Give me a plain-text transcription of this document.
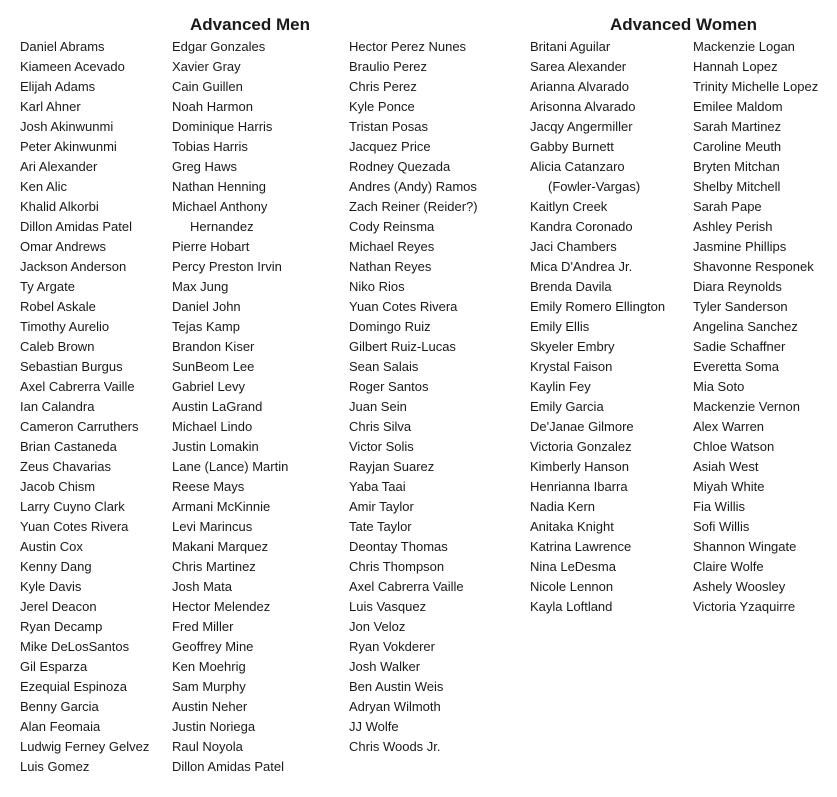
Advanced Men	Advanced Women
Daniel Abrams
Kiameen Acevado
Elijah Adams
Karl Ahner
Josh Akinwunmi
Peter Akinwunmi
Ari Alexander
Ken Alic
Khalid Alkorbi
Dillon Amidas Patel
Omar Andrews
Jackson Anderson
Ty Argate
Robel Askale
Timothy Aurelio
Caleb Brown
Sebastian Burgus
Axel Cabrerra Vaille
Ian Calandra
Cameron Carruthers
Brian Castaneda
Zeus Chavarias
Jacob Chism
Larry Cuyno Clark
Yuan Cotes Rivera
Austin Cox
Kenny Dang
Kyle Davis
Jerel Deacon
Ryan Decamp
Mike DeLosSantos
Gil Esparza
Ezequial Espinoza
Benny Garcia
Alan Feomaia
Ludwig Ferney Gelvez
Luis Gomez
Edgar Gonzales
Xavier Gray
Cain Guillen
Noah Harmon
Dominique Harris
Tobias Harris
Greg Haws
Nathan Henning
Michael Anthony
Hernandez
Pierre Hobart
Percy Preston Irvin
Max Jung
Daniel John
Tejas Kamp
Brandon Kiser
SunBeom Lee
Gabriel Levy
Austin LaGrand
Michael Lindo
Justin Lomakin
Lane (Lance) Martin
Reese Mays
Armani McKinnie
Levi Marincus
Makani Marquez
Chris Martinez
Josh Mata
Hector Melendez
Fred Miller
Geoffrey Mine
Ken Moehrig
Sam Murphy
Austin Neher
Justin Noriega
Raul Noyola
Dillon Amidas Patel
Hector Perez Nunes
Braulio Perez
Chris Perez
Kyle Ponce
Tristan Posas
Jacquez Price
Rodney Quezada
Andres (Andy) Ramos
Zach Reiner (Reider?)
Cody Reinsma
Michael Reyes
Nathan Reyes
Niko Rios
Yuan Cotes Rivera
Domingo Ruiz
Gilbert Ruiz-Lucas
Sean Salais
Roger Santos
Juan Sein
Chris Silva
Victor Solis
Rayjan Suarez
Yaba Taai
Amir Taylor
Tate Taylor
Deontay Thomas
Chris Thompson
Axel Cabrerra Vaille
Luis Vasquez
Jon Veloz
Ryan Vokderer
Josh Walker
Ben Austin Weis
Adryan Wilmoth
JJ Wolfe
Chris Woods Jr.
Britani Aguilar
Sarea Alexander
Arianna Alvarado
Arisonna Alvarado
Jacqy Angermiller
Gabby Burnett
Alicia Catanzaro
(Fowler-Vargas)
Kaitlyn Creek
Kandra Coronado
Jaci Chambers
Mica D'Andrea Jr.
Brenda Davila
Emily Romero Ellington
Emily Ellis
Skyeler Embry
Krystal Faison
Kaylin Fey
Emily Garcia
De'Janae Gilmore
Victoria Gonzalez
Kimberly Hanson
Henrianna Ibarra
Nadia Kern
Anitaka Knight
Katrina Lawrence
Nina LeDesma
Nicole Lennon
Kayla Loftland
Mackenzie Logan
Hannah Lopez
Trinity Michelle Lopez
Emilee Maldom
Sarah Martinez
Caroline Meuth
Bryten Mitchan
Shelby Mitchell
Sarah Pape
Ashley Perish
Jasmine Phillips
Shavonne Responek
Diara Reynolds
Tyler Sanderson
Angelina Sanchez
Sadie Schaffner
Everetta Soma
Mia Soto
Mackenzie Vernon
Alex Warren
Chloe Watson
Asiah West
Miyah White
Fia Willis
Sofi Willis
Shannon Wingate
Claire Wolfe
Ashely Woosley
Victoria Yzaquirre
